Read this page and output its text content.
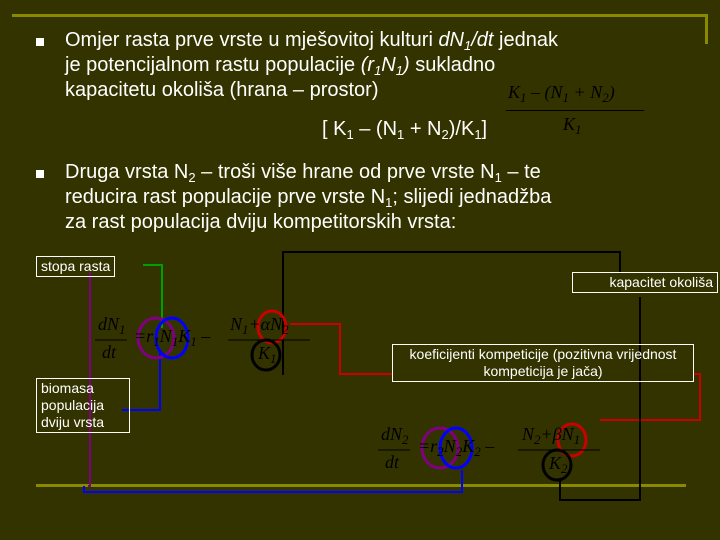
Omjer rasta prve vrste u mješovitoj kulturi $dN_1/dt$ jednak
je potencijalnom rastu populacije $(r_1N_1)$ sukladno
kapacitetu okoliša (hrana – prostor)	$K_1 - (N_1 + N_2)$
$K_1$
[ $K_1 - (N_1 + N_2)/K_1$]
Druga vrsta $N_2$ – troši više hrane od prve vrste $N_1$ – te
reducira rast populacije prve vrste $N_1$; slijedi jednadžba
za rast populacija dviju kompetitorskih vrsta:
stopa rasta
kapacitet okoliša
biomasa populacija dviju vrsta
koeficijenti kompeticije (pozitivna vrijednost kompeticija je jača)
$dN_1$
dt
$=r_1N_1K_1$ –
$N_1+\alpha N_2$
$K_1$
$dN_2$
dt
$=r_2N_2K_2$ –
$N_2+\beta N_1$
$K_2$
